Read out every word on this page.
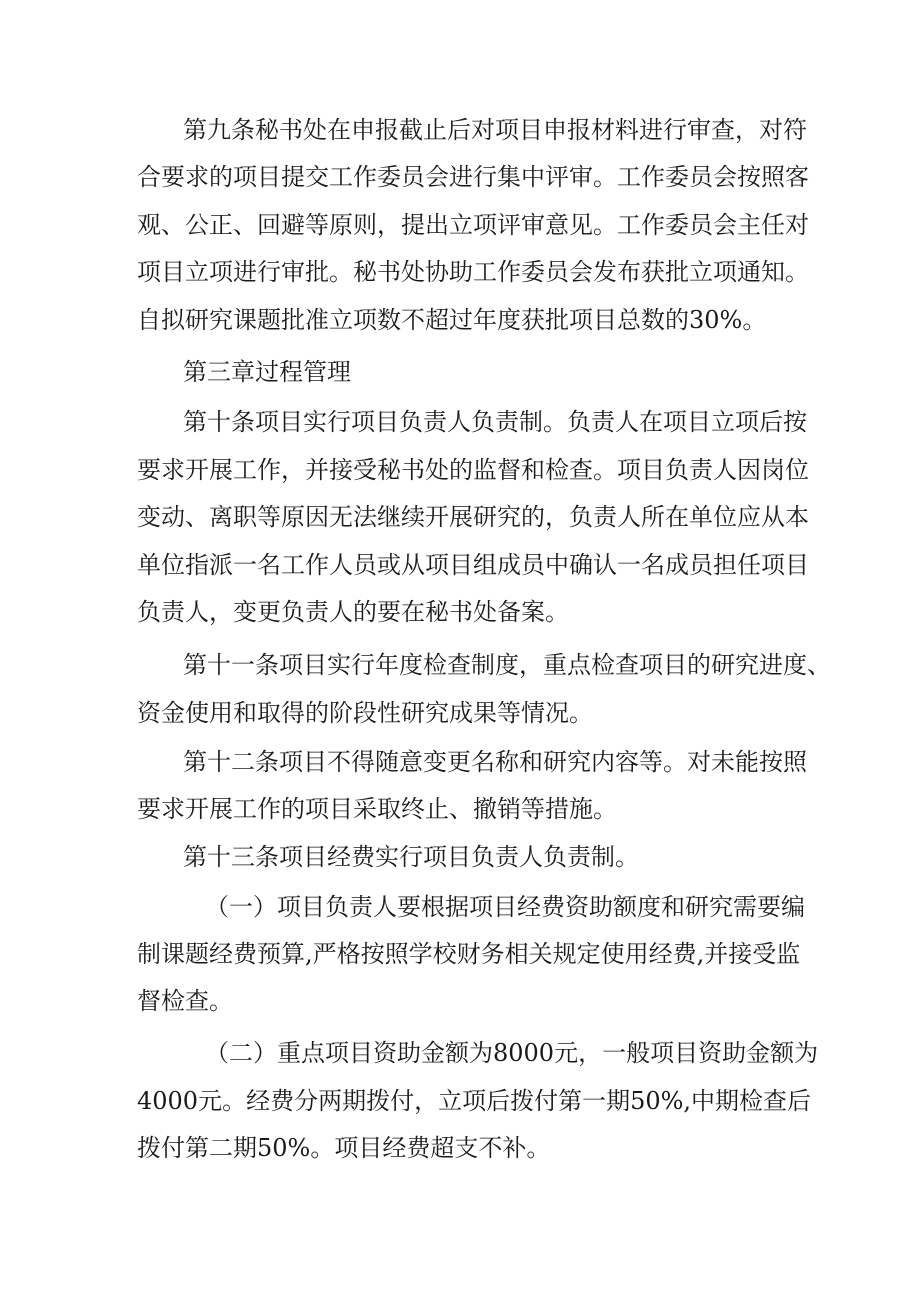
第九条秘书处在申报截止后对项目申报材料进行审查，对符

合要求的项目提交工作委员会进行集中评审。工作委员会按照客

观、公正、回避等原则，提出立项评审意见。工作委员会主任对

项目立项进行审批。秘书处协助工作委员会发布获批立项通知。

自拟研究课题批准立项数不超过年度获批项目总数的30%。

第三章过程管理

第十条项目实行项目负责人负责制。负责人在项目立项后按

要求开展工作，并接受秘书处的监督和检查。项目负责人因岗位

变动、离职等原因无法继续开展研究的，负责人所在单位应从本

单位指派一名工作人员或从项目组成员中确认一名成员担任项目

负责人，变更负责人的要在秘书处备案。

第十一条项目实行年度检查制度，重点检查项目的研究进度、

资金使用和取得的阶段性研究成果等情况。

第十二条项目不得随意变更名称和研究内容等。对未能按照

要求开展工作的项目采取终止、撤销等措施。

第十三条项目经费实行项目负责人负责制。

（一）项目负责人要根据项目经费资助额度和研究需要编

制课题经费预算,严格按照学校财务相关规定使用经费,并接受监

督检查。

（二）重点项目资助金额为8000元，一般项目资助金额为

4000元。经费分两期拨付，立项后拨付第一期50%,中期检查后

拨付第二期50%。项目经费超支不补。
